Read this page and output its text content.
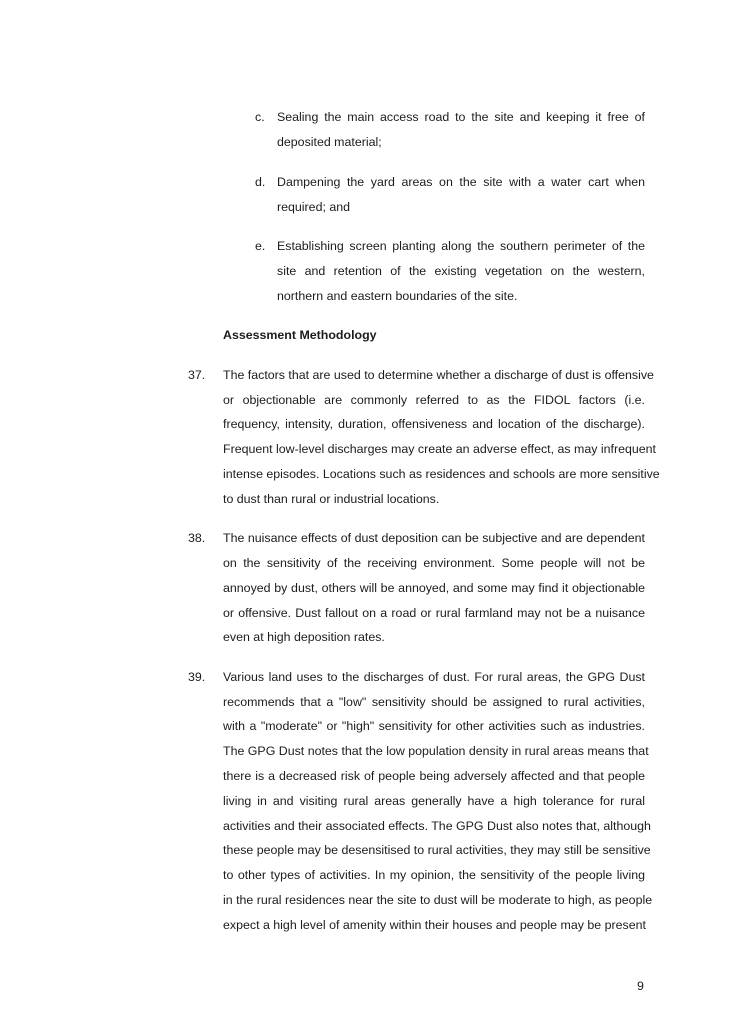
c. Sealing the main access road to the site and keeping it free of
deposited material;
d. Dampening the yard areas on the site with a water cart when
required; and
e. Establishing screen planting along the southern perimeter of the
site and retention of the existing vegetation on the western,
northern and eastern boundaries of the site.
Assessment Methodology
37. The factors that are used to determine whether a discharge of dust is offensive
or objectionable are commonly referred to as the FIDOL factors (i.e.
frequency, intensity, duration, offensiveness and location of the discharge).
Frequent low-level discharges may create an adverse effect, as may infrequent
intense episodes. Locations such as residences and schools are more sensitive
to dust than rural or industrial locations.
38. The nuisance effects of dust deposition can be subjective and are dependent
on the sensitivity of the receiving environment. Some people will not be
annoyed by dust, others will be annoyed, and some may find it objectionable
or offensive. Dust fallout on a road or rural farmland may not be a nuisance
even at high deposition rates.
39. Various land uses to the discharges of dust. For rural areas, the GPG Dust
recommends that a "low" sensitivity should be assigned to rural activities,
with a "moderate" or "high" sensitivity for other activities such as industries.
The GPG Dust notes that the low population density in rural areas means that
there is a decreased risk of people being adversely affected and that people
living in and visiting rural areas generally have a high tolerance for rural
activities and their associated effects. The GPG Dust also notes that, although
these people may be desensitised to rural activities, they may still be sensitive
to other types of activities. In my opinion, the sensitivity of the people living
in the rural residences near the site to dust will be moderate to high, as people
expect a high level of amenity within their houses and people may be present
9
